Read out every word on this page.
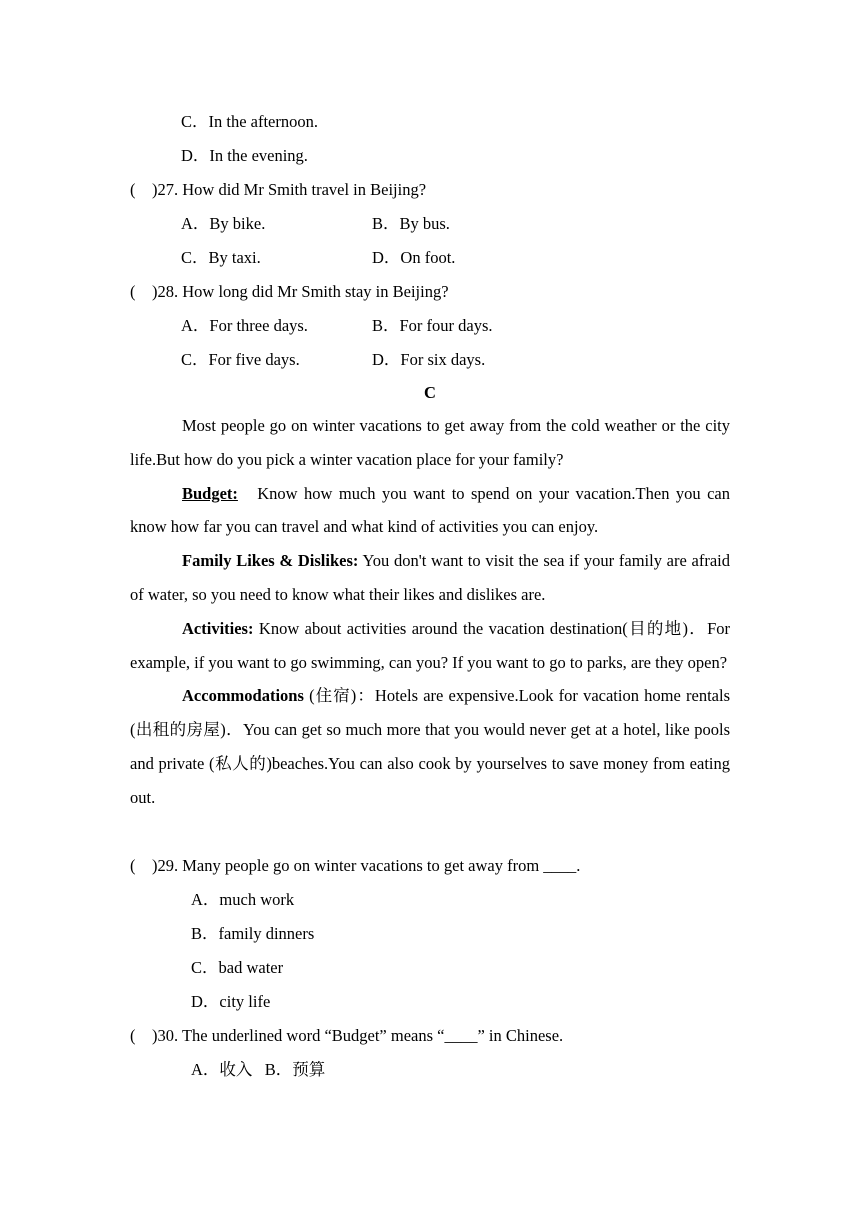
C．In the afternoon.
D．In the evening.
(    )27. How did Mr Smith travel in Beijing?
A．By bike.	B．By bus.
C．By taxi.	D．On foot.
(    )28. How long did Mr Smith stay in Beijing?
A．For three days.	B．For four days.
C．For five days.	D．For six days.
C

Most people go on winter vacations to get away from the cold weather or the city life.But how do you pick a winter vacation place for your family?

Budget:   Know how much you want to spend on your vacation.Then you can know how far you can travel and what kind of activities you can enjoy.

Family Likes & Dislikes: You don't want to visit the sea if your family are afraid of water, so you need to know what their likes and dislikes are.

Activities: Know about activities around the vacation destination(目的地)．For example, if you want to go swimming, can you? If you want to go to parks, are they open?

Accommodations (住宿)：Hotels are expensive.Look for vacation home rentals (出租的房屋)．You can get so much more that you would never get at a hotel, like pools and private (私人的)beaches.You can also cook by yourselves to save money from eating out.

(    )29. Many people go on winter vacations to get away from ____.
A．much work
B．family dinners
C．bad water
D．city life
(    )30. The underlined word “Budget” means “____” in Chinese.
A．收入   B．预算
